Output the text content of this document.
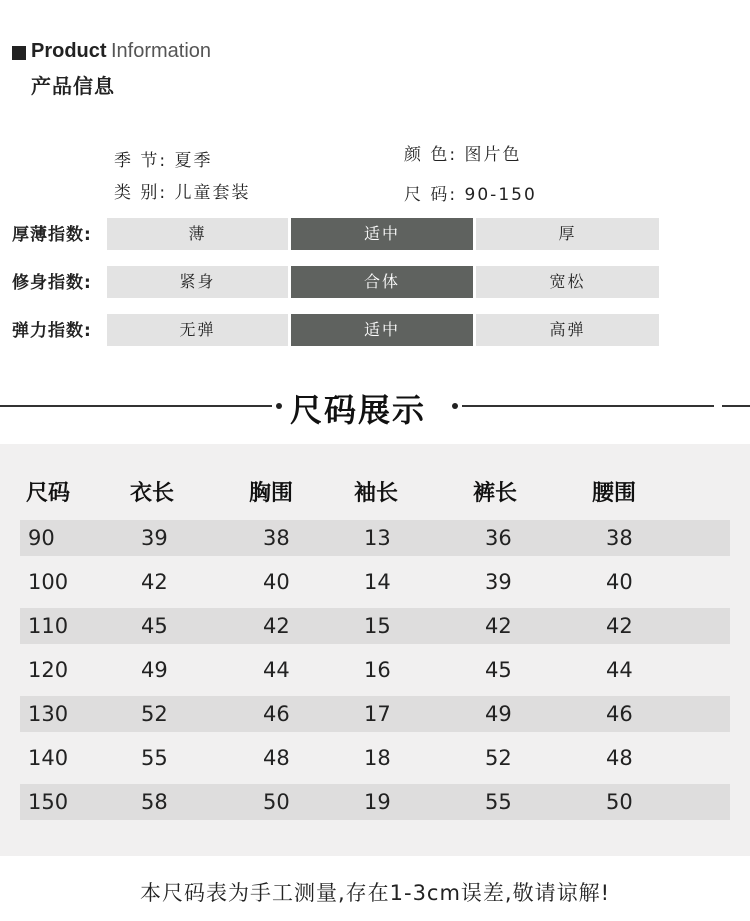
Product Information
产品信息
季 节: 夏季
类 别: 儿童套装
颜 色: 图片色
尺 码: 90-150
厚薄指数:	薄	适中	厚
修身指数:	紧身	合体	宽松
弹力指数:	无弹	适中	高弹
尺码展示
尺码	衣长	胸围	袖长	裤长	腰围
90	39	38	13	36	38
100	42	40	14	39	40
110	45	42	15	42	42
120	49	44	16	45	44
130	52	46	17	49	46
140	55	48	18	52	48
150	58	50	19	55	50
本尺码表为手工测量,存在1-3cm误差,敬请谅解!
